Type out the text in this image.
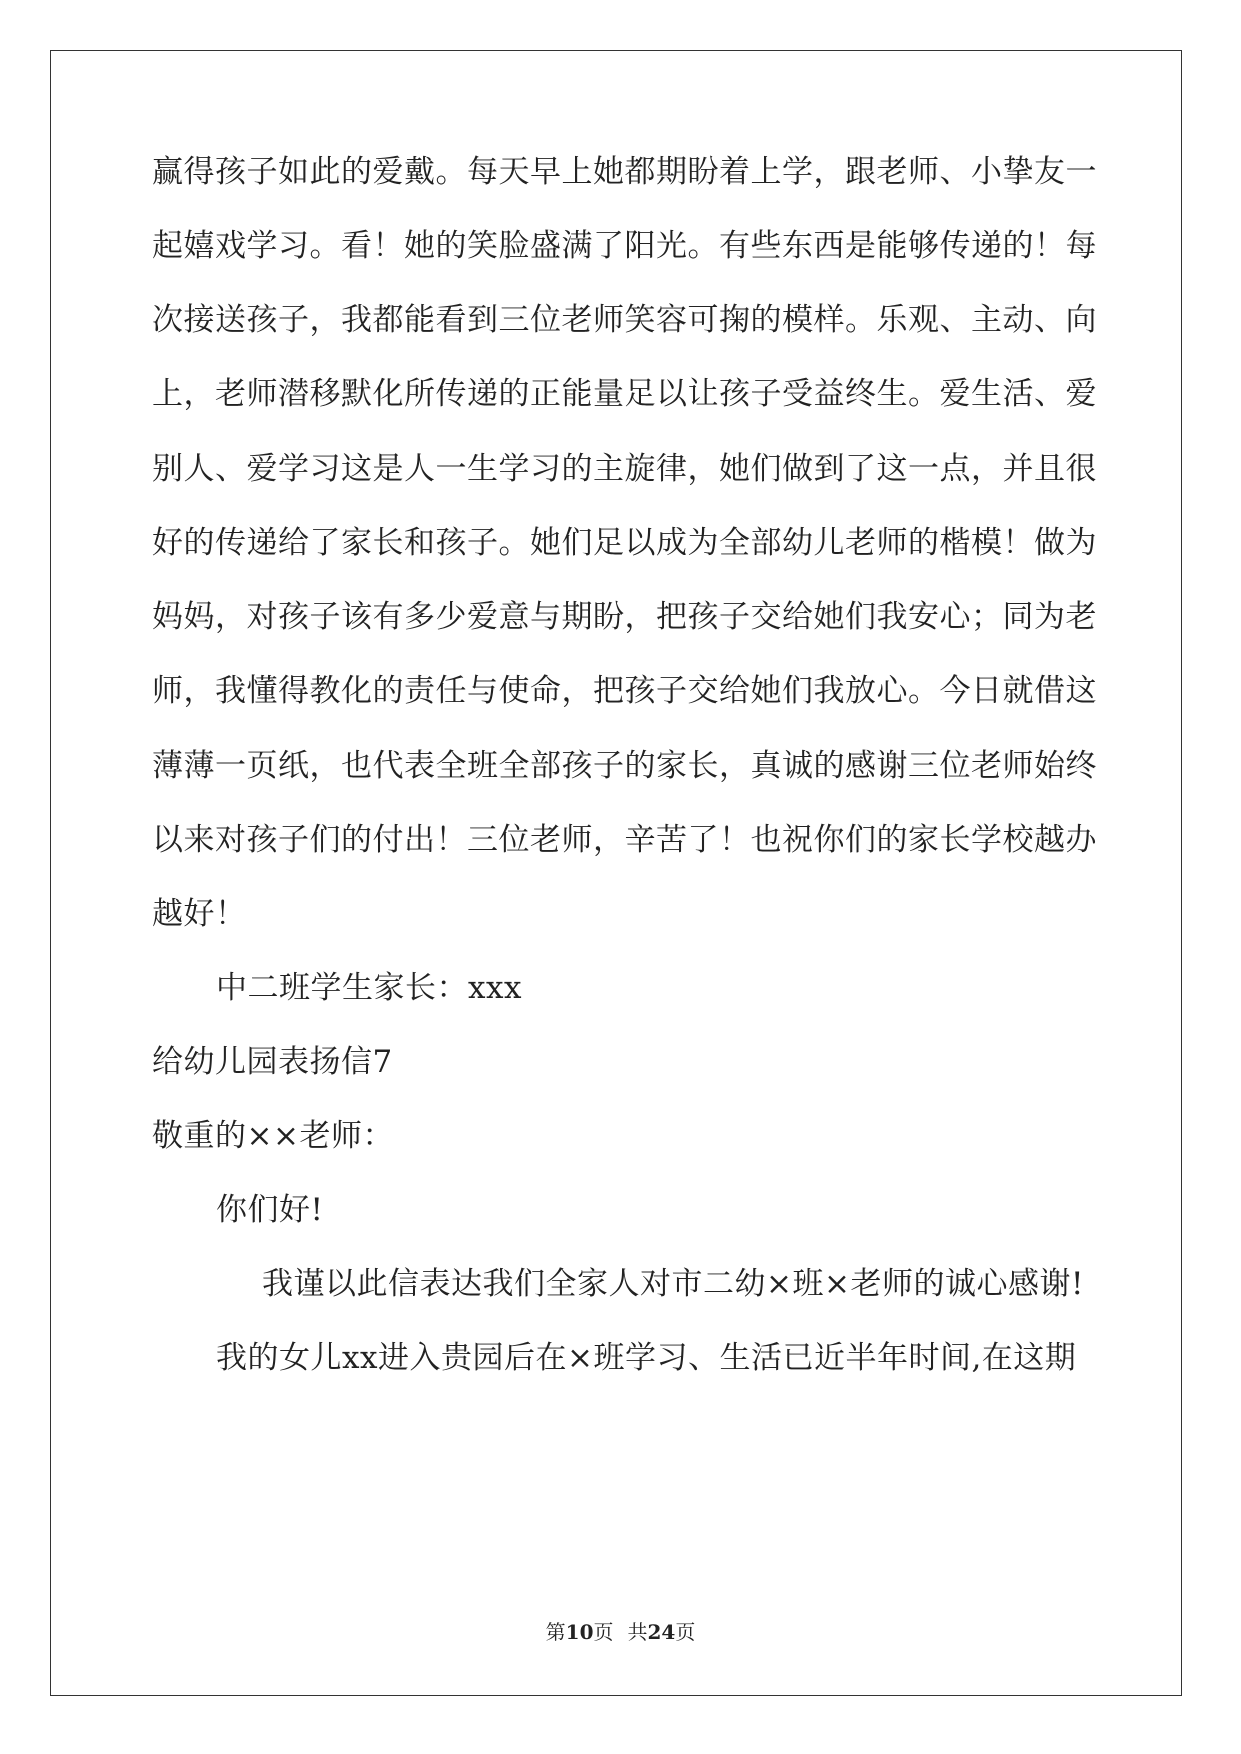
赢得孩子如此的爱戴。每天早上她都期盼着上学，跟老师、小挚友一
起嬉戏学习。看！她的笑脸盛满了阳光。有些东西是能够传递的！每
次接送孩子，我都能看到三位老师笑容可掬的模样。乐观、主动、向
上，老师潜移默化所传递的正能量足以让孩子受益终生。爱生活、爱
别人、爱学习这是人一生学习的主旋律，她们做到了这一点，并且很
好的传递给了家长和孩子。她们足以成为全部幼儿老师的楷模！做为
妈妈，对孩子该有多少爱意与期盼，把孩子交给她们我安心；同为老
师，我懂得教化的责任与使命，把孩子交给她们我放心。今日就借这
薄薄一页纸，也代表全班全部孩子的家长，真诚的感谢三位老师始终
以来对孩子们的付出！三位老师，辛苦了！也祝你们的家长学校越办
越好！
中二班学生家长：xxx
给幼儿园表扬信7
敬重的××老师：
你们好!
我谨以此信表达我们全家人对市二幼×班×老师的诚心感谢!
我的女儿xx进入贵园后在×班学习、生活已近半年时间,在这期
第10页 共24页
